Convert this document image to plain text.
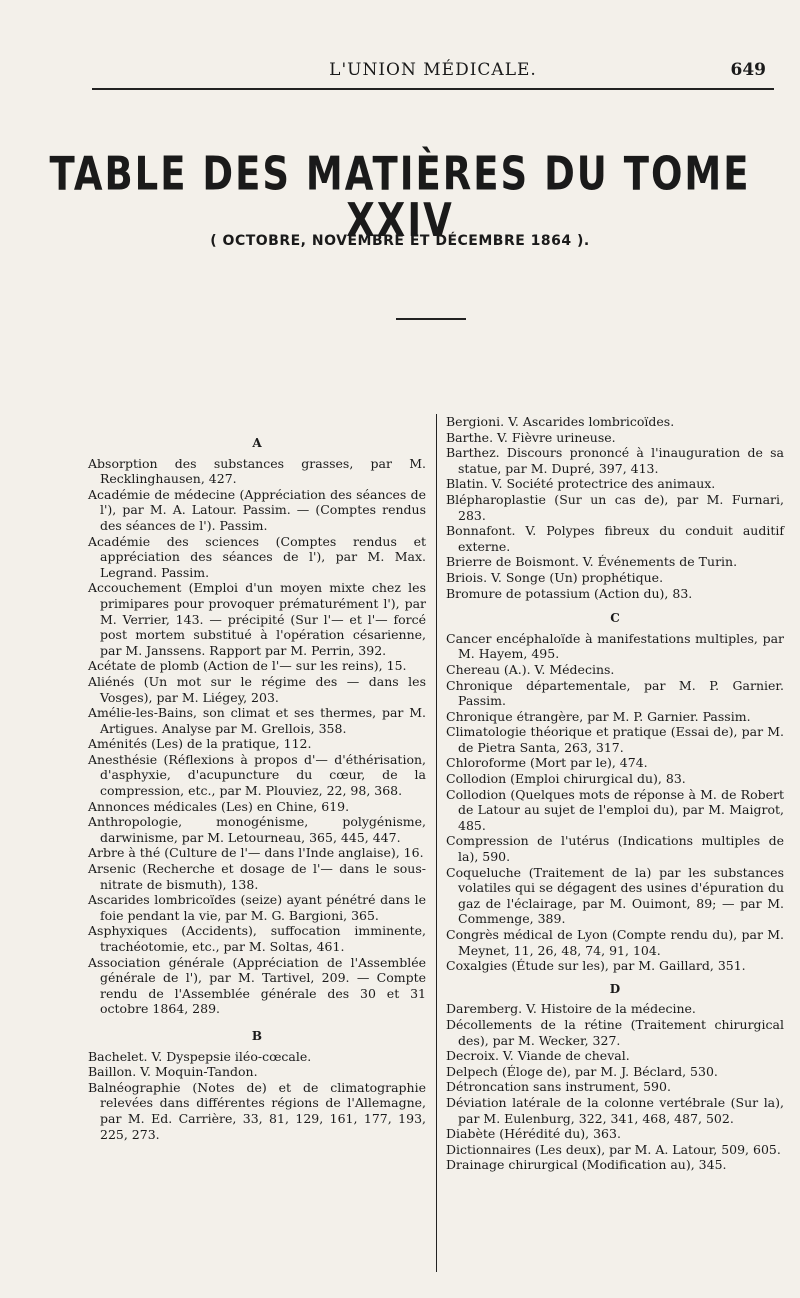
L'UNION MÉDICALE.	649
TABLE DES MATIÈRES DU TOME XXIV
( OCTOBRE, NOVEMBRE ET DÉCEMBRE 1864 ).
A

Absorption des substances grasses, par M. Recklinghausen, 427.

Académie de médecine (Appréciation des séances de l'), par M. A. Latour. Passim. — (Comptes rendus des séances de l'). Passim.

Académie des sciences (Comptes rendus et appréciation des séances de l'), par M. Max. Legrand. Passim.

Accouchement (Emploi d'un moyen mixte chez les primipares pour provoquer prématurément l'), par M. Verrier, 143. — précipité (Sur l'— et l'— forcé post mortem substitué à l'opération césarienne, par M. Janssens. Rapport par M. Perrin, 392.

Acétate de plomb (Action de l'— sur les reins), 15.

Aliénés (Un mot sur le régime des — dans les Vosges), par M. Liégey, 203.

Amélie-les-Bains, son climat et ses thermes, par M. Artigues. Analyse par M. Grellois, 358.

Aménités (Les) de la pratique, 112.

Anesthésie (Réflexions à propos d'— d'éthérisation, d'asphyxie, d'acupuncture du cœur, de la compression, etc., par M. Plouviez, 22, 98, 368.

Annonces médicales (Les) en Chine, 619.

Anthropologie, monogénisme, polygénisme, darwinisme, par M. Letourneau, 365, 445, 447.

Arbre à thé (Culture de l'— dans l'Inde anglaise), 16.

Arsenic (Recherche et dosage de l'— dans le sous-nitrate de bismuth), 138.

Ascarides lombricoïdes (seize) ayant pénétré dans le foie pendant la vie, par M. G. Bargioni, 365.

Asphyxiques (Accidents), suffocation imminente, trachéotomie, etc., par M. Soltas, 461.

Association générale (Appréciation de l'Assemblée générale de l'), par M. Tartivel, 209. — Compte rendu de l'Assemblée générale des 30 et 31 octobre 1864, 289.

B

Bachelet. V. Dyspepsie iléo-cœcale.

Baillon. V. Moquin-Tandon.

Balnéographie (Notes de) et de climatographie relevées dans différentes régions de l'Allemagne, par M. Ed. Carrière, 33, 81, 129, 161, 177, 193, 225, 273.

Bergioni. V. Ascarides lombricoïdes.

Barthe. V. Fièvre urineuse.

Barthez. Discours prononcé à l'inauguration de sa statue, par M. Dupré, 397, 413.

Blatin. V. Société protectrice des animaux.

Blépharoplastie (Sur un cas de), par M. Furnari, 283.

Bonnafont. V. Polypes fibreux du conduit auditif externe.

Brierre de Boismont. V. Événements de Turin.

Briois. V. Songe (Un) prophétique.

Bromure de potassium (Action du), 83.

C

Cancer encéphaloïde à manifestations multiples, par M. Hayem, 495.

Chereau (A.). V. Médecins.

Chronique départementale, par M. P. Garnier. Passim.

Chronique étrangère, par M. P. Garnier. Passim.

Climatologie théorique et pratique (Essai de), par M. de Pietra Santa, 263, 317.

Chloroforme (Mort par le), 474.

Collodion (Emploi chirurgical du), 83.

Collodion (Quelques mots de réponse à M. de Robert de Latour au sujet de l'emploi du), par M. Maigrot, 485.

Compression de l'utérus (Indications multiples de la), 590.

Coqueluche (Traitement de la) par les substances volatiles qui se dégagent des usines d'épuration du gaz de l'éclairage, par M. Ouimont, 89; — par M. Commenge, 389.

Congrès médical de Lyon (Compte rendu du), par M. Meynet, 11, 26, 48, 74, 91, 104.

Coxalgies (Étude sur les), par M. Gaillard, 351.

D

Daremberg. V. Histoire de la médecine.

Décollements de la rétine (Traitement chirurgical des), par M. Wecker, 327.

Decroix. V. Viande de cheval.

Delpech (Éloge de), par M. J. Béclard, 530.

Détroncation sans instrument, 590.

Déviation latérale de la colonne vertébrale (Sur la), par M. Eulenburg, 322, 341, 468, 487, 502.

Diabète (Hérédité du), 363.

Dictionnaires (Les deux), par M. A. Latour, 509, 605.

Drainage chirurgical (Modification au), 345.
